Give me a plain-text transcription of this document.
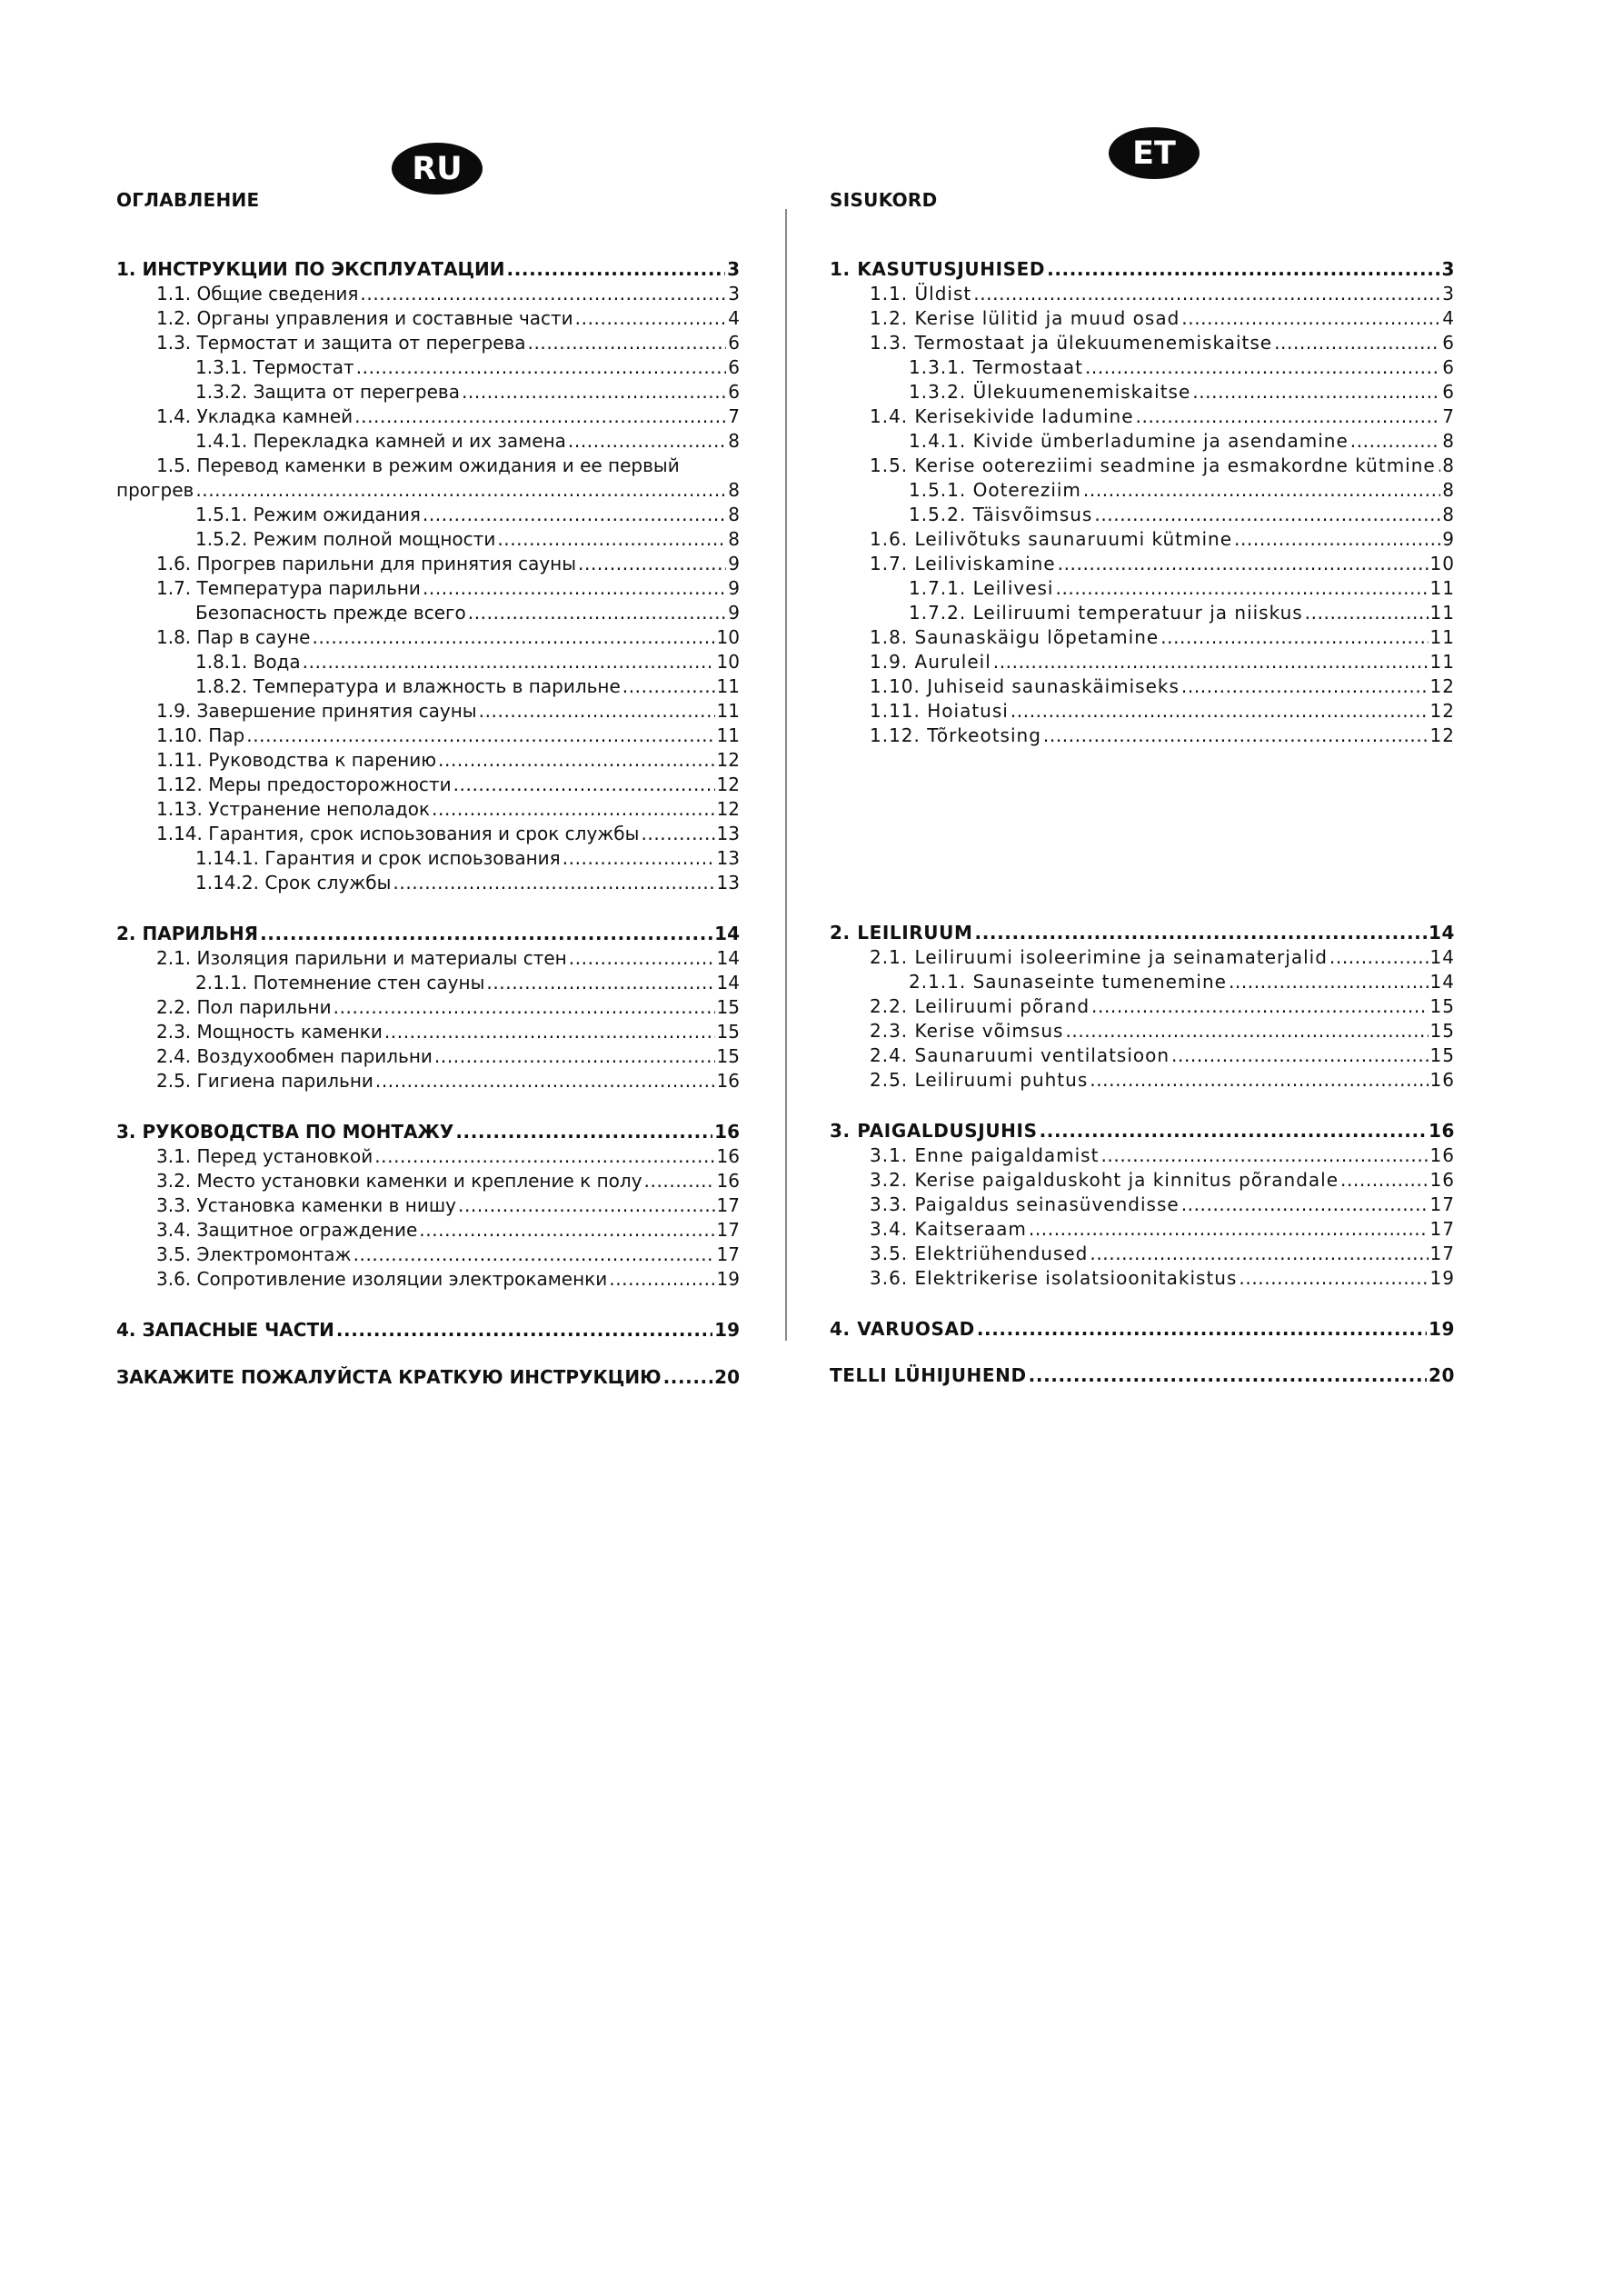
ОГЛАВЛЕНИЕ
RU
1. ИНСТРУКЦИИ ПО ЭКСПЛУАТАЦИИ .....	3
1.1. Общие сведения .....	3
1.2. Органы управления и составные части .....	4
1.3. Термостат и защита от перегрева .....	6
1.3.1. Термостат .....	6
1.3.2. Защита от перегрева .....	6
1.4. Укладка камней .....	7
1.4.1. Перекладка камней и их замена .....	8
1.5. Перевод каменки в режим ожидания и ее первый
прогрев .....	8
1.5.1. Режим ожидания .....	8
1.5.2. Режим полной мощности .....	8
1.6. Прогрев парильни для принятия сауны .....	9
1.7. Температура парильни .....	9
Безопасность прежде всего .....	9
1.8. Пар в сауне .....	10
1.8.1. Вода .....	10
1.8.2. Температура и влажность в парильне .....	11
1.9. Завершение принятия сауны .....	11
1.10. Пар .....	11
1.11. Руководства к парению .....	12
1.12. Меры предосторожности .....	12
1.13. Устранение неполадок .....	12
1.14. Гарантия, срок испоьзования и срок службы .....	13
1.14.1. Гарантия и срок испоьзования .....	13
1.14.2. Срок службы .....	13
2. ПАРИЛЬНЯ .....	14
2.1. Изоляция парильни и материалы стен .....	14
2.1.1. Потемнение стен сауны .....	14
2.2. Пол парильни .....	15
2.3. Мощность каменки .....	15
2.4. Воздухообмен парильни .....	15
2.5. Гигиена парильни .....	16
3. РУКОВОДСТВА ПО МОНТАЖУ .....	16
3.1. Перед установкой .....	16
3.2. Место установки каменки и крепление к полу .....	16
3.3. Установка каменки в нишу .....	17
3.4. Защитное ограждение .....	17
3.5. Электромонтаж .....	17
3.6. Сопротивление изоляции электрокаменки .....	19
4. ЗАПАСНЫЕ ЧАСТИ .....	19
ЗАКАЖИТЕ ПОЖАЛУЙСТА КРАТКУЮ ИНСТРУКЦИЮ .....	20
SISUKORD
ET
1. KASUTUSJUHISED .....	3
1.1. Üldist .....	3
1.2. Kerise lülitid ja muud osad .....	4
1.3. Termostaat ja ülekuumenemiskaitse .....	6
1.3.1. Termostaat .....	6
1.3.2. Ülekuumenemiskaitse .....	6
1.4. Kerisekivide ladumine .....	7
1.4.1. Kivide ümberladumine ja asendamine .....	8
1.5. Kerise ootereziimi seadmine ja esmakordne kütmine ..... 8
1.5.1. Ootereziim .....	8
1.5.2. Täisvõimsus .....	8
1.6. Leilivõtuks saunaruumi kütmine .....	9
1.7. Leiliviskamine .....	10
1.7.1. Leilivesi .....	11
1.7.2. Leiliruumi temperatuur ja niiskus .....	11
1.8. Saunaskäigu lõpetamine .....	11
1.9. Auruleil .....	11
1.10. Juhiseid saunaskäimiseks .....	12
1.11. Hoiatusi .....	12
1.12. Tõrkeotsing .....	12
2. LEILIRUUM .....	14
2.1. Leiliruumi isoleerimine ja seinamaterjalid .....	14
2.1.1. Saunaseinte tumenemine .....	14
2.2. Leiliruumi põrand .....	15
2.3. Kerise võimsus .....	15
2.4. Saunaruumi ventilatsioon .....	15
2.5. Leiliruumi puhtus .....	16
3. PAIGALDUSJUHIS .....	16
3.1. Enne paigaldamist .....	16
3.2. Kerise paigalduskoht ja kinnitus põrandale .....	16
3.3. Paigaldus seinasüvendisse .....	17
3.4. Kaitseraam .....	17
3.5. Elektriühendused .....	17
3.6. Elektrikerise isolatsioonitakistus .....	19
4. VARUOSAD .....	19
TELLI LÜHIJUHEND .....	20
